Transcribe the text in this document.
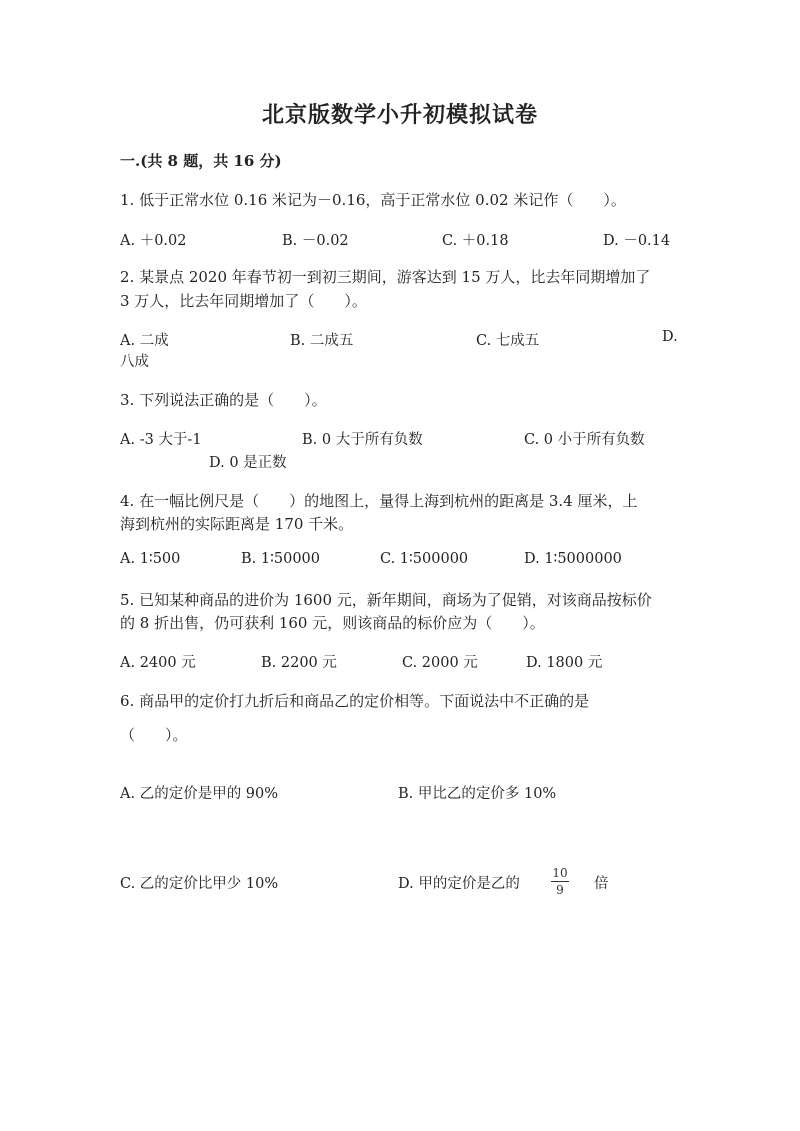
北京版数学小升初模拟试卷
一.(共 8 题，共 16 分)
1. 低于正常水位 0.16 米记为－0.16，高于正常水位 0.02 米记作（　　）。
A. ＋0.02	B. －0.02	C. ＋0.18	D. －0.14
2. 某景点 2020 年春节初一到初三期间，游客达到 15 万人，比去年同期增加了
3 万人，比去年同期增加了（　　）。
A. 二成	B. 二成五	C. 七成五	D.
八成
3. 下列说法正确的是（　　）。
A. -3 大于-1	B. 0 大于所有负数	C. 0 小于所有负数
D. 0 是正数
4. 在一幅比例尺是（　　）的地图上，量得上海到杭州的距离是 3.4 厘米，上
海到杭州的实际距离是 170 千米。
A. 1∶500	B. 1∶50000	C. 1∶500000	D. 1∶5000000
5. 已知某种商品的进价为 1600 元，新年期间，商场为了促销，对该商品按标价
的 8 折出售，仍可获利 160 元，则该商品的标价应为（　　）。
A. 2400 元	B. 2200 元	C. 2000 元	D. 1800 元
6. 商品甲的定价打九折后和商品乙的定价相等。下面说法中不正确的是
（　　）。
A. 乙的定价是甲的 90%	B. 甲比乙的定价多 10%
C. 乙的定价比甲少 10%	D. 甲的定价是乙的
10
9	倍
